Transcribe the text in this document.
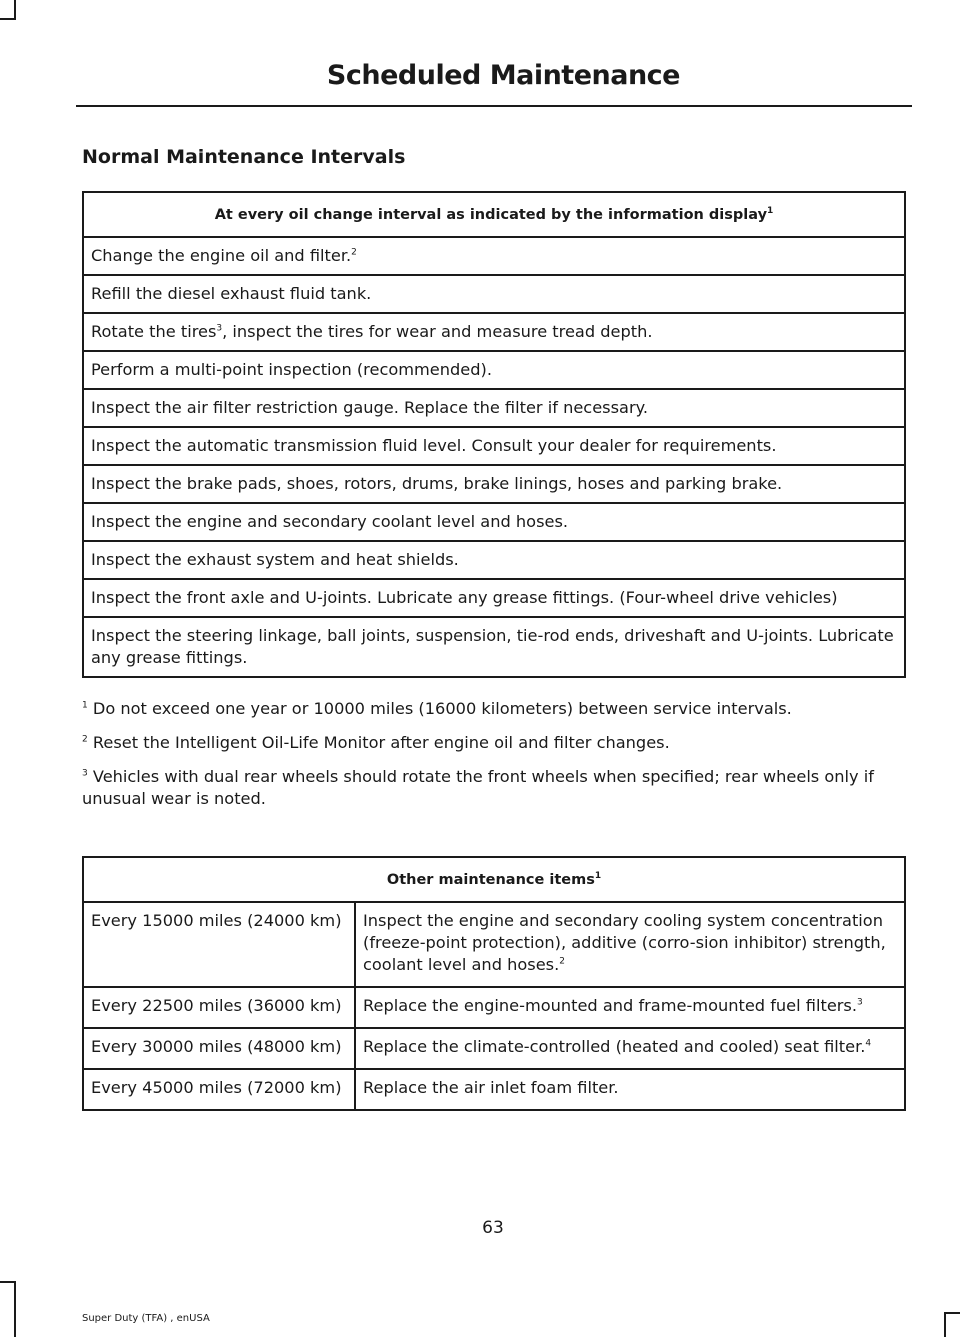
Scheduled Maintenance
Normal Maintenance Intervals
At every oil change interval as indicated by the information display$^1$
Change the engine oil and filter.$^2$
Refill the diesel exhaust fluid tank.
Rotate the tires$^3$, inspect the tires for wear and measure tread depth.
Perform a multi-point inspection (recommended).
Inspect the air filter restriction gauge. Replace the filter if necessary.
Inspect the automatic transmission fluid level. Consult your dealer for requirements.
Inspect the brake pads, shoes, rotors, drums, brake linings, hoses and parking brake.
Inspect the engine and secondary coolant level and hoses.
Inspect the exhaust system and heat shields.
Inspect the front axle and U-joints. Lubricate any grease fittings. (Four-wheel drive vehicles)
Inspect the steering linkage, ball joints, suspension, tie-rod ends, driveshaft and U-joints. Lubricate any grease fittings.

$^1$ Do not exceed one year or 10000 miles (16000 kilometers) between service intervals.

$^2$ Reset the Intelligent Oil-Life Monitor after engine oil and filter changes.

$^3$ Vehicles with dual rear wheels should rotate the front wheels when specified; rear wheels only if unusual wear is noted.

Other maintenance items$^1$
Every 15000 miles (24000 km)	Inspect the engine and secondary cooling system concentration (freeze-point protection), additive (corro-sion inhibitor) strength, coolant level and hoses.$^2$
Every 22500 miles (36000 km)	Replace the engine-mounted and frame-mounted fuel filters.$^3$
Every 30000 miles (48000 km)	Replace the climate-controlled (heated and cooled) seat filter.$^4$
Every 45000 miles (72000 km)	Replace the air inlet foam filter.
63
Super Duty (TFA) , enUSA
